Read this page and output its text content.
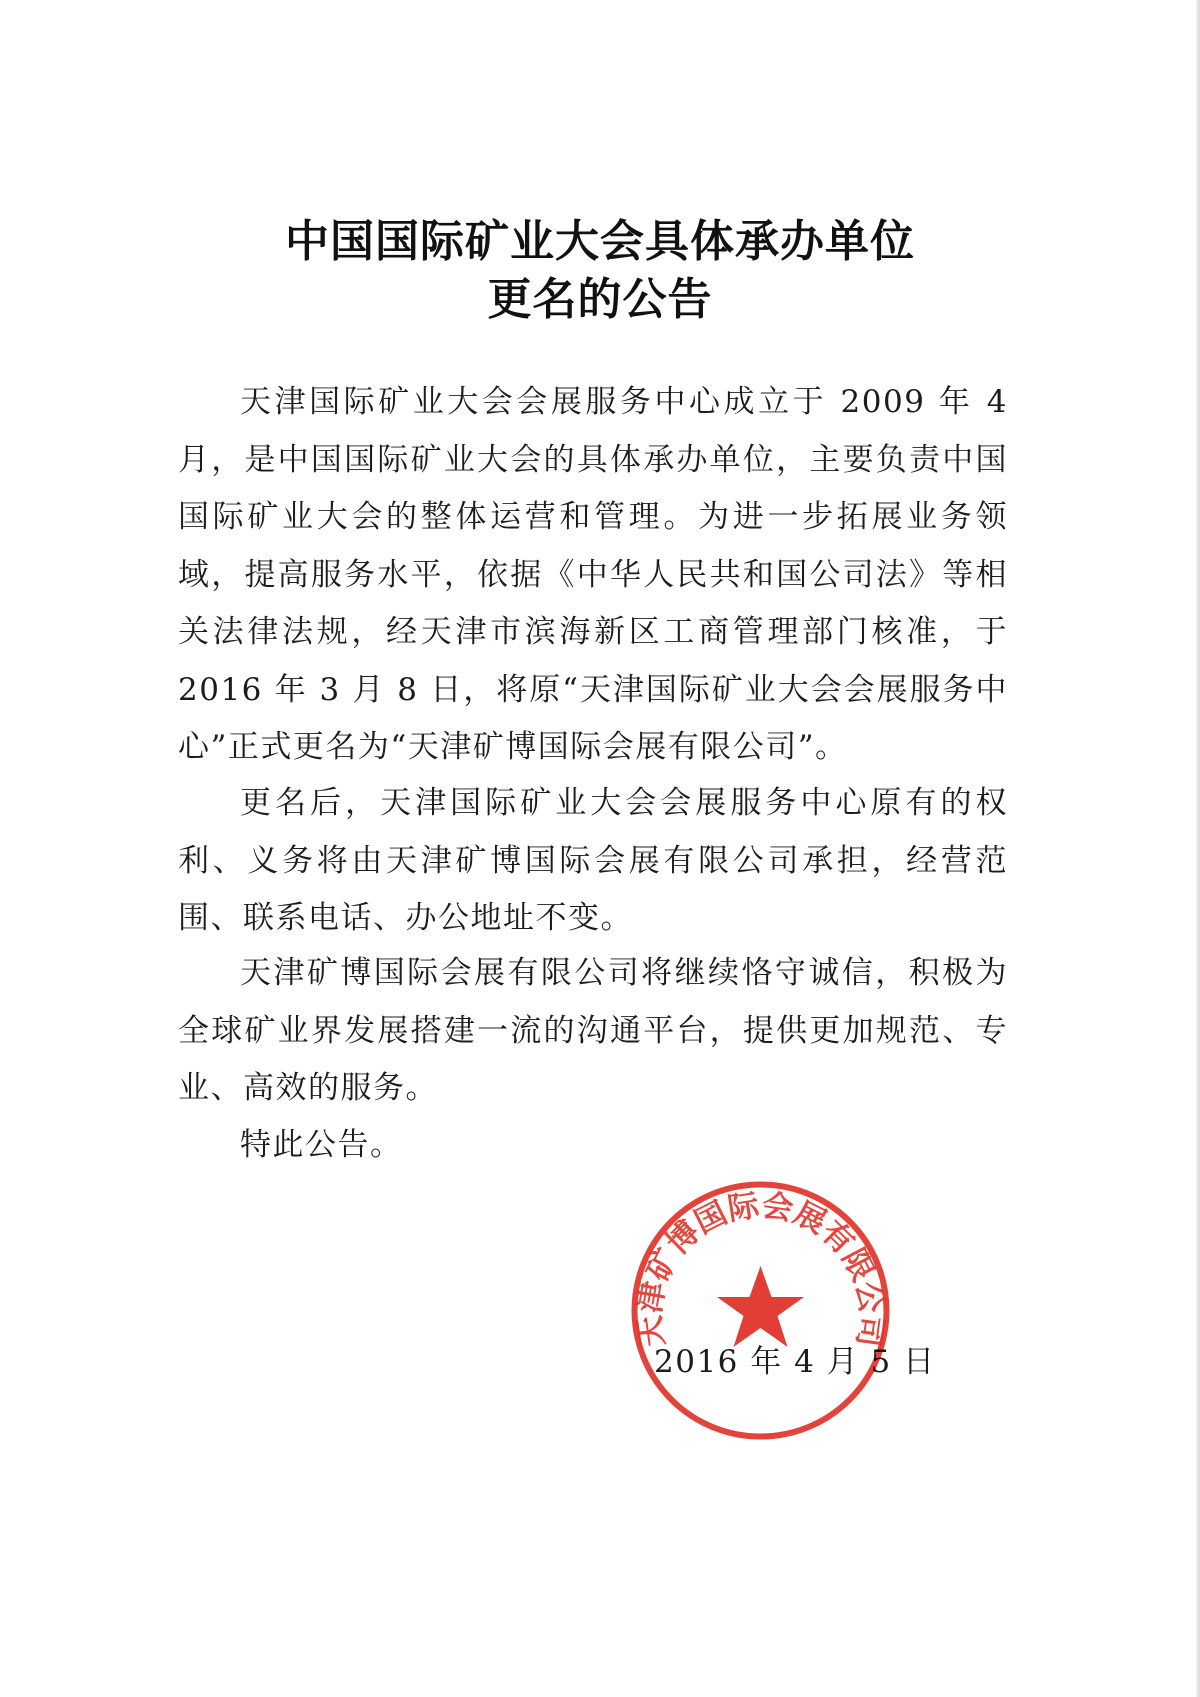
中国国际矿业大会具体承办单位
更名的公告
天津国际矿业大会会展服务中心成立于 2009 年 4 月，是中国国际矿业大会的具体承办单位，主要负责中国国际矿业大会的整体运营和管理。为进一步拓展业务领域，提高服务水平，依据《中华人民共和国公司法》等相关法律法规，经天津市滨海新区工商管理部门核准，于 2016 年 3 月 8 日，将原“天津国际矿业大会会展服务中心”正式更名为“天津矿博国际会展有限公司”。
更名后，天津国际矿业大会会展服务中心原有的权利、义务将由天津矿博国际会展有限公司承担，经营范围、联系电话、办公地址不变。
天津矿博国际会展有限公司将继续恪守诚信，积极为全球矿业界发展搭建一流的沟通平台，提供更加规范、专业、高效的服务。
特此公告。
2016 年 4 月 5 日
天津矿博国际会展有限公司
